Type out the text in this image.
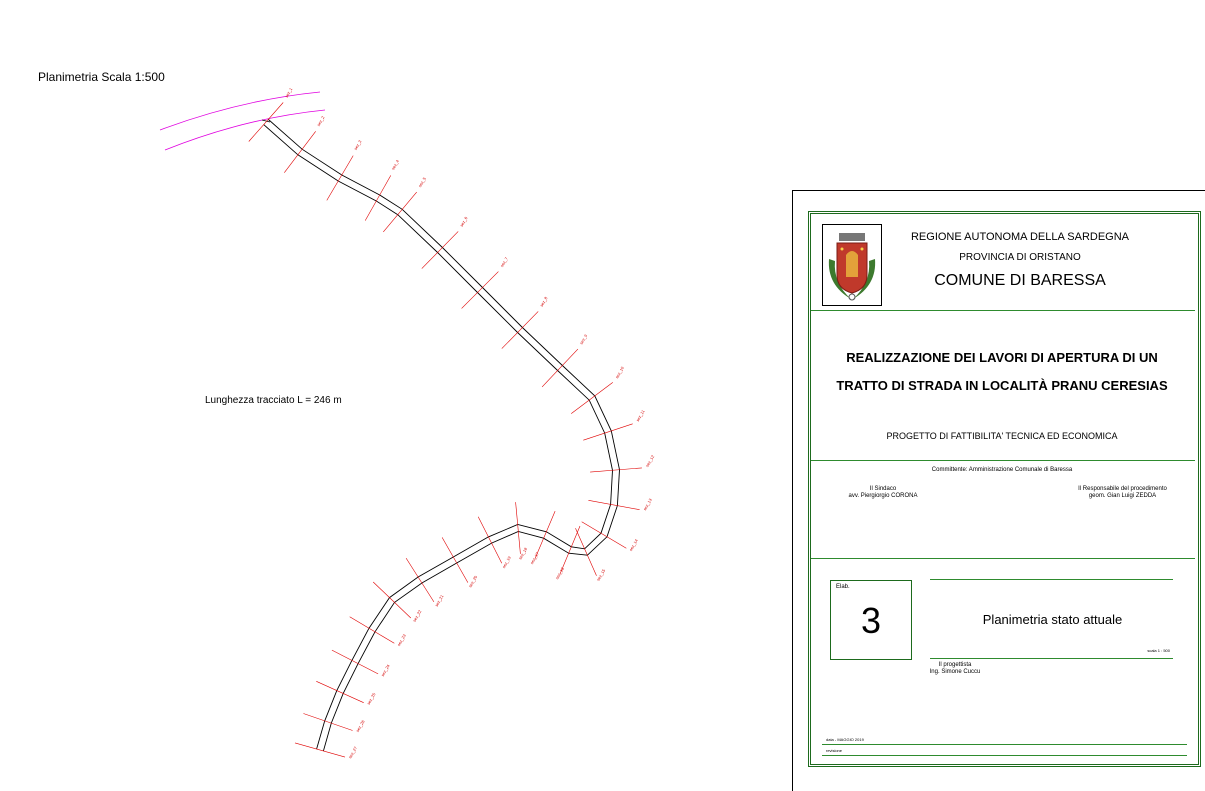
Planimetria Scala 1:500
Lunghezza tracciato L = 246 m
sez_1
sez_2
sez_3
sez_4
sez_5
sez_6
sez_7
sez_8
sez_9
sez_10
sez_11
sez_12
sez_13
sez_14
sez_15
sez_16
sez_17
sez_18
sez_19
sez_20
sez_21
sez_22
sez_23
sez_24
sez_25
sez_26
sez_27
REGIONE AUTONOMA DELLA SARDEGNA
PROVINCIA DI ORISTANO
COMUNE DI BARESSA
REALIZZAZIONE DEI LAVORI DI APERTURA DI UN
TRATTO DI STRADA IN LOCALITÀ PRANU CERESIAS
PROGETTO DI FATTIBILITA' TECNICA ED ECONOMICA
Committente: Amministrazione Comunale di Baressa
Il Sindaco
avv. Piergiorgio CORONA
Il Responsabile del procedimento
geom. Gian Luigi ZEDDA
Elab.
3	Planimetria stato attuale
scala 1 : 500
Il progettista
Ing. Simone Cuccu
data - MAGGIO 2019
revisione
